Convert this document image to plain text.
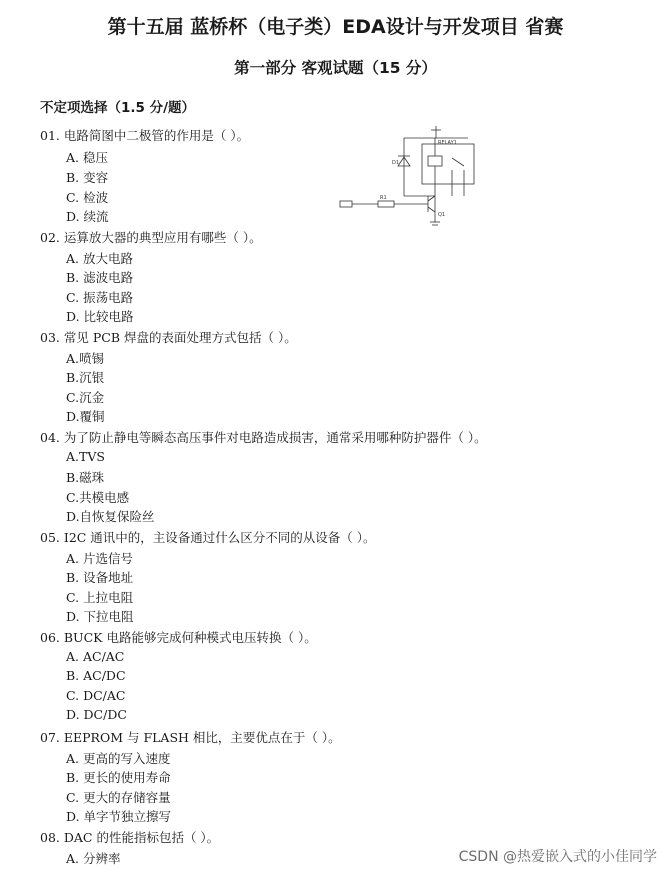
第十五届 蓝桥杯（电子类）EDA设计与开发项目 省赛
第一部分 客观试题（15 分）
不定项选择（1.5 分/题）
01. 电路简图中二极管的作用是（ ）。
A. 稳压
B. 变容
C. 检波
D. 续流
RELAY1
Q1
D1
R1
02. 运算放大器的典型应用有哪些（ ）。
A. 放大电路
B. 滤波电路
C. 振荡电路
D. 比较电路
03. 常见 PCB 焊盘的表面处理方式包括（ ）。
A.喷锡
B.沉银
C.沉金
D.覆铜
04. 为了防止静电等瞬态高压事件对电路造成损害，通常采用哪种防护器件（ ）。
A.TVS
B.磁珠
C.共模电感
D.自恢复保险丝
05. I2C 通讯中的，主设备通过什么区分不同的从设备（ ）。
A. 片选信号
B. 设备地址
C. 上拉电阻
D. 下拉电阻
06. BUCK 电路能够完成何种模式电压转换（ ）。
A. AC/AC
B. AC/DC
C. DC/AC
D. DC/DC
07. EEPROM 与 FLASH 相比，主要优点在于（ ）。
A. 更高的写入速度
B. 更长的使用寿命
C. 更大的存储容量
D. 单字节独立擦写
08. DAC 的性能指标包括（ ）。
A. 分辨率	CSDN @热爱嵌入式的小佳同学
